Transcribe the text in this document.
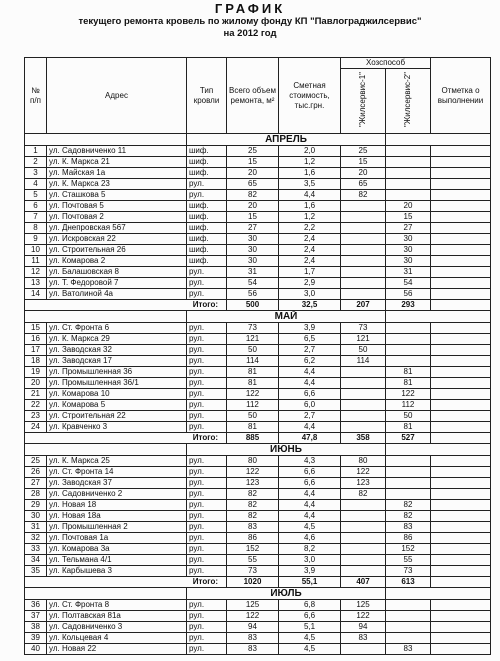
ГРАФИК
текущего ремонта кровель по жилому фонду КП "Павлограджилсервис"
на 2012 год
№ п/п	Адрес	Тип кровли	Всего объем ремонта, м²	Сметная стоимость, тыс.грн.	Хозспособ		Отметка о выполнении
					"Жилсервис-1"	"Жилсервис-2"	
		АПРЕЛЬ					
1	ул. Садовниченко 11	шиф.	25	2,0	25		
2	ул. К. Маркса 21	шиф.	15	1,2	15		
3	ул. Майская 1а	шиф.	20	1,6	20		
4	ул. К. Маркса 23	рул.	65	3,5	65		
5	ул. Сташкова 5	рул.	82	4,4	82		
6	ул. Почтовая 5	шиф.	20	1,6		20	
7	ул. Почтовая 2	шиф.	15	1,2		15	
8	ул. Днепровская 567	шиф.	27	2,2		27	
9	ул. Искровская 22	шиф.	30	2,4		30	
10	ул. Строительная 26	шиф.	30	2,4		30	
11	ул. Комарова 2	шиф.	30	2,4		30	
12	ул. Балашовская 8	рул.	31	1,7		31	
13	ул. Т. Федоровой 7	рул.	54	2,9		54	
14	ул. Ватолиной 4а	рул.	56	3,0		56	
Итого:			500	32,5	207	293	
		МАЙ					
15	ул. Ст. Фронта 6	рул.	73	3,9	73		
16	ул. К. Маркса 29	рул.	121	6,5	121		
17	ул. Заводская 32	рул.	50	2,7	50		
18	ул. Заводская 17	рул.	114	6,2	114		
19	ул. Промышленная 36	рул.	81	4,4		81	
20	ул. Промышленная 36/1	рул.	81	4,4		81	
21	ул. Комарова 10	рул.	122	6,6		122	
22	ул. Комарова 5	рул.	112	6,0		112	
23	ул. Строительная 22	рул.	50	2,7		50	
24	ул. Кравченко 3	рул.	81	4,4		81	
Итого:			885	47,8	358	527	
		ИЮНЬ					
25	ул. К. Маркса 25	рул.	80	4,3	80		
26	ул. Ст. Фронта 14	рул.	122	6,6	122		
27	ул. Заводская 37	рул.	123	6,6	123		
28	ул. Садовниченко 2	рул.	82	4,4	82		
29	ул. Новая 18	рул.	82	4,4		82	
30	ул. Новая 18а	рул.	82	4,4		82	
31	ул. Промышленная 2	рул.	83	4,5		83	
32	ул. Почтовая 1а	рул.	86	4,6		86	
33	ул. Комарова 3а	рул.	152	8,2		152	
34	ул. Тельмана 4/1	рул.	55	3,0		55	
35	ул. Карбышева 3	рул.	73	3,9		73	
Итого:			1020	55,1	407	613	
		ИЮЛЬ					
36	ул. Ст. Фронта 8	рул.	125	6,8	125		
37	ул. Полтавская 81а	рул.	122	6,6	122		
38	ул. Садовниченко 3	рул.	94	5,1	94		
39	ул. Кольцевая 4	рул.	83	4,5	83		
40	ул. Новая 22	рул.	83	4,5		83	
